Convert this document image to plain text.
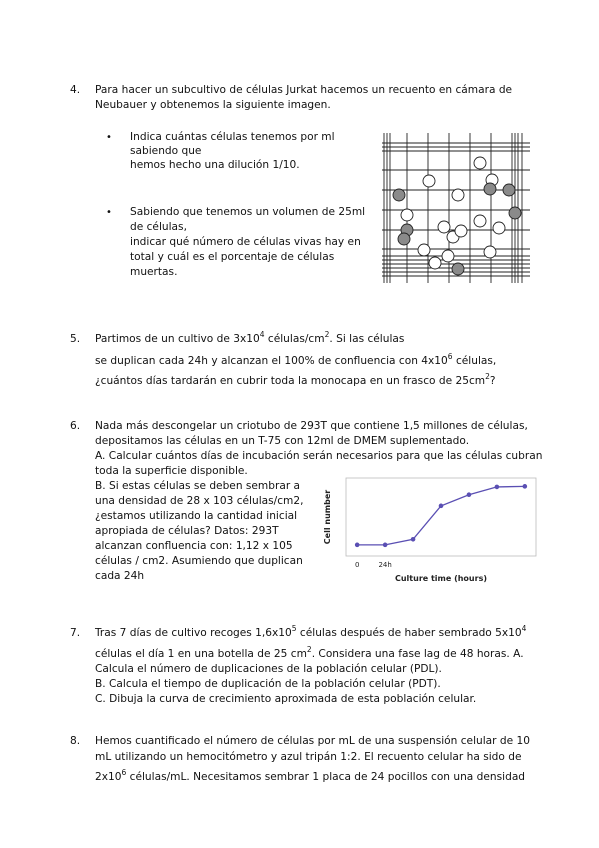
4. Para hacer un subcultivo de células Jurkat hacemos un recuento en cámara de
Neubauer y obtenemos la siguiente imagen.
• Indica cuántas células tenemos por ml
sabiendo que
hemos hecho una dilución 1/10.
• Sabiendo que tenemos un volumen de 25ml
de células,
indicar qué número de células vivas hay en
total y cuál es el porcentaje de células
muertas.
5. Partimos de un cultivo de $3x10^4$ células/$cm^2$. Si las células
se duplican cada 24h y alcanzan el 100% de confluencia con $4x10^6$ células,
¿cuántos días tardarán en cubrir toda la monocapa en un frasco de $25cm^2$?
6. Nada más descongelar un criotubo de 293T que contiene 1,5 millones de células,
depositamos las células en un T-75 con 12ml de DMEM suplementado.
A. Calcular cuántos días de incubación serán necesarios para que las células cubran
toda la superficie disponible.
B. Si estas células se deben sembrar a
una densidad de 28 x 103 células/cm2,
¿estamos utilizando la cantidad inicial
apropiada de células? Datos: 293T
alcanzan confluencia con: 1,12 x 105
células / cm2. Asumiendo que duplican
cada 24h
0	24h
Culture time (hours)
Cell number
7. Tras 7 días de cultivo recoges $1,6x10^5$ células después de haber sembrado $5x10^4$
células el día 1 en una botella de 25 $cm^2$. Considera una fase lag de 48 horas. A.
Calcula el número de duplicaciones de la población celular (PDL).
B. Calcula el tiempo de duplicación de la población celular (PDT).
C. Dibuja la curva de crecimiento aproximada de esta población celular.
8. Hemos cuantificado el número de células por mL de una suspensión celular de 10
mL utilizando un hemocitómetro y azul tripán 1:2. El recuento celular ha sido de
$2x10^6$ células/mL. Necesitamos sembrar 1 placa de 24 pocillos con una densidad
